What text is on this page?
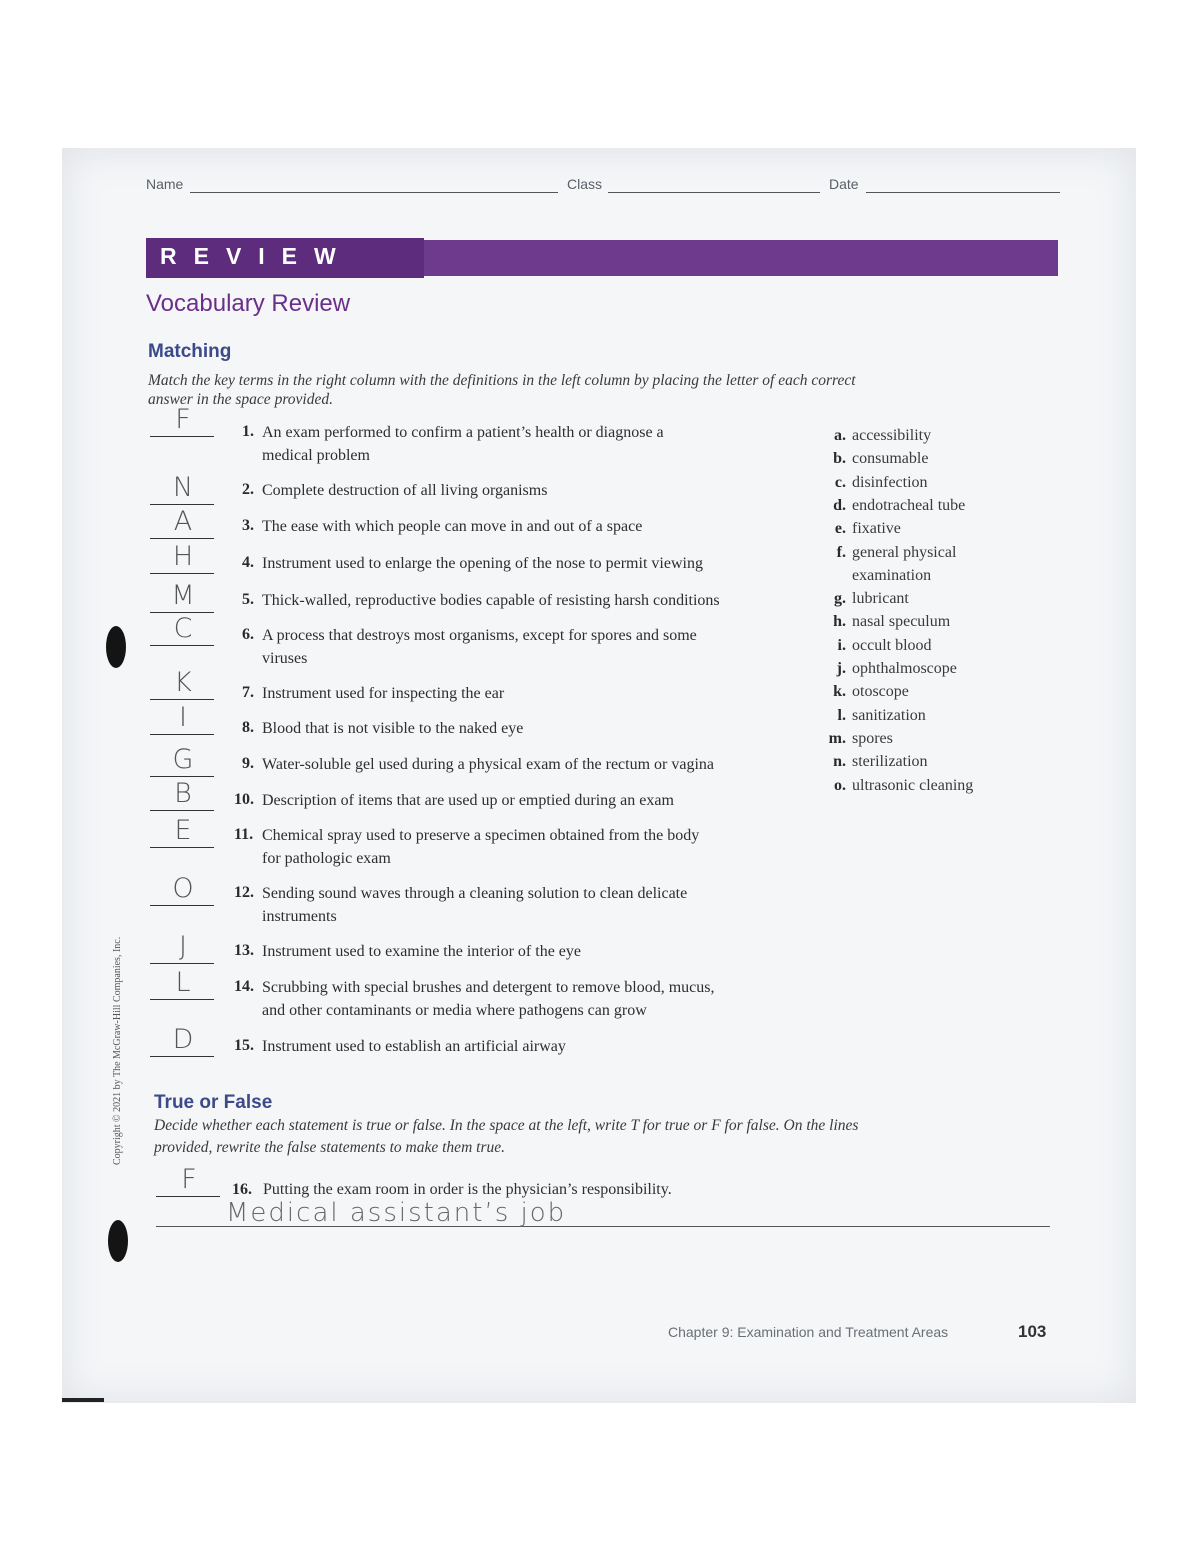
Name	Class	Date
REVIEW
Vocabulary Review
Matching
Match the key terms in the right column with the definitions in the left column by placing the letter of each correct
answer in the space provided.
F	1. An exam performed to confirm a patient’s health or diagnose a
medical problem
N	2. Complete destruction of all living organisms
A	3. The ease with which people can move in and out of a space
H	4. Instrument used to enlarge the opening of the nose to permit viewing
M	5. Thick-walled, reproductive bodies capable of resisting harsh conditions
C	6. A process that destroys most organisms, except for spores and some
viruses
K	7. Instrument used for inspecting the ear
I	8. Blood that is not visible to the naked eye
G	9. Water-soluble gel used during a physical exam of the rectum or vagina
B	10. Description of items that are used up or emptied during an exam
E	11. Chemical spray used to preserve a specimen obtained from the body
for pathologic exam
O	12. Sending sound waves through a cleaning solution to clean delicate
instruments
J	13. Instrument used to examine the interior of the eye
L	14. Scrubbing with special brushes and detergent to remove blood, mucus,
and other contaminants or media where pathogens can grow
D	15. Instrument used to establish an artificial airway
a. accessibility
b. consumable
c. disinfection
d. endotracheal tube
e. fixative
f. general physical
examination
g. lubricant
h. nasal speculum
i. occult blood
j. ophthalmoscope
k. otoscope
l. sanitization
m. spores
n. sterilization
o. ultrasonic cleaning
Copyright © 2021 by The McGraw-Hill Companies, Inc. True or False
Decide whether each statement is true or false. In the space at the left, write T for true or F for false. On the lines
provided, rewrite the false statements to make them true.
F	16. Putting the exam room in order is the physician’s responsibility.
Medical assistant’s job
Chapter 9: Examination and Treatment Areas	103
